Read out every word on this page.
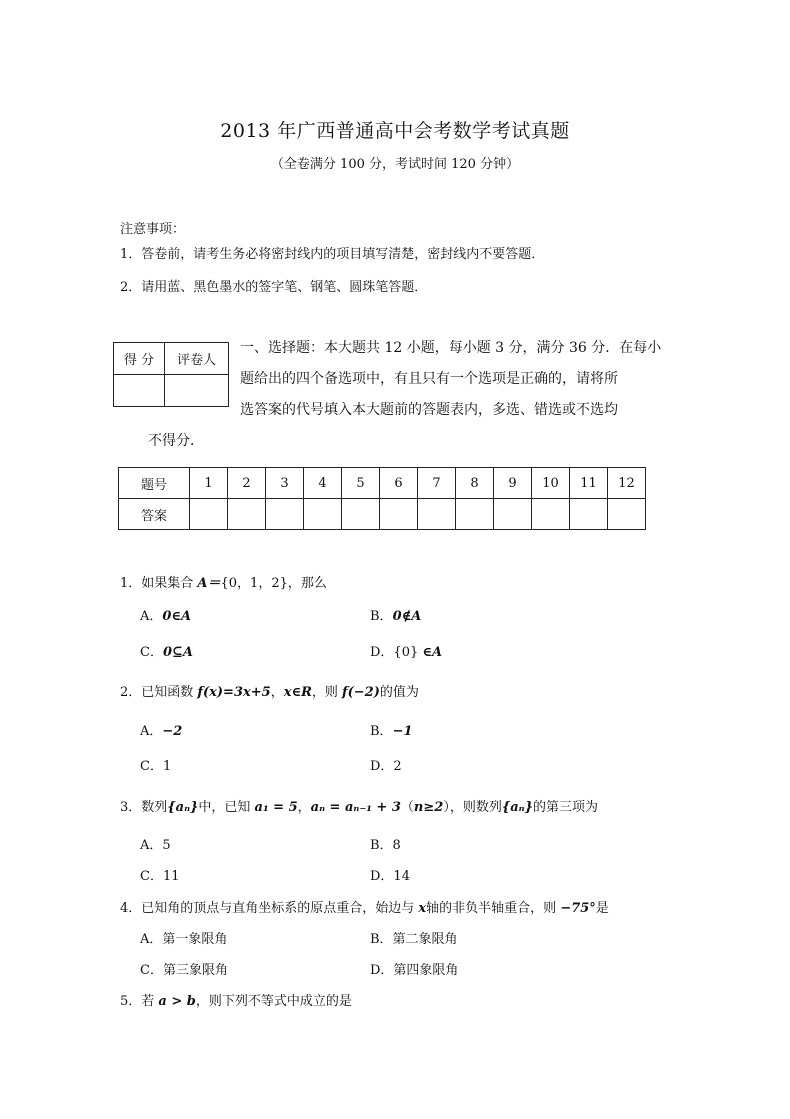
2013 年广西普通高中会考数学考试真题
（全卷满分 100 分，考试时间 120 分钟）
注意事项：
1．答卷前，请考生务必将密封线内的项目填写清楚，密封线内不要答题．
2．请用蓝、黑色墨水的签字笔、钢笔、圆珠笔答题．
得 分	评卷人

一、选择题：本大题共 12 小题，每小题 3 分，满分 36 分．在每小
题给出的四个备选项中，有且只有一个选项是正确的，请将所
选答案的代号填入本大题前的答题表内，多选、错选或不选均
不得分．
题号	1	2	3	4	5	6	7	8	9	10	11	12
答案												
1．如果集合 A＝{0，1，2}，那么
A．0∈A	B．0∉A
C．0⊆A	D．{0} ∈A
2．已知函数 f(x)=3x+5，x∈R，则 f(−2)的值为
A．−2	B．−1
C．1	D．2
3．数列{aₙ}中，已知 a₁ = 5，aₙ = aₙ₋₁ + 3（n≥2），则数列{aₙ}的第三项为
A．5	B．8
C．11	D．14
4．已知角的顶点与直角坐标系的原点重合，始边与 x轴的非负半轴重合，则 −75°是
A．第一象限角	B．第二象限角
C．第三象限角	D．第四象限角
5．若 a > b，则下列不等式中成立的是
